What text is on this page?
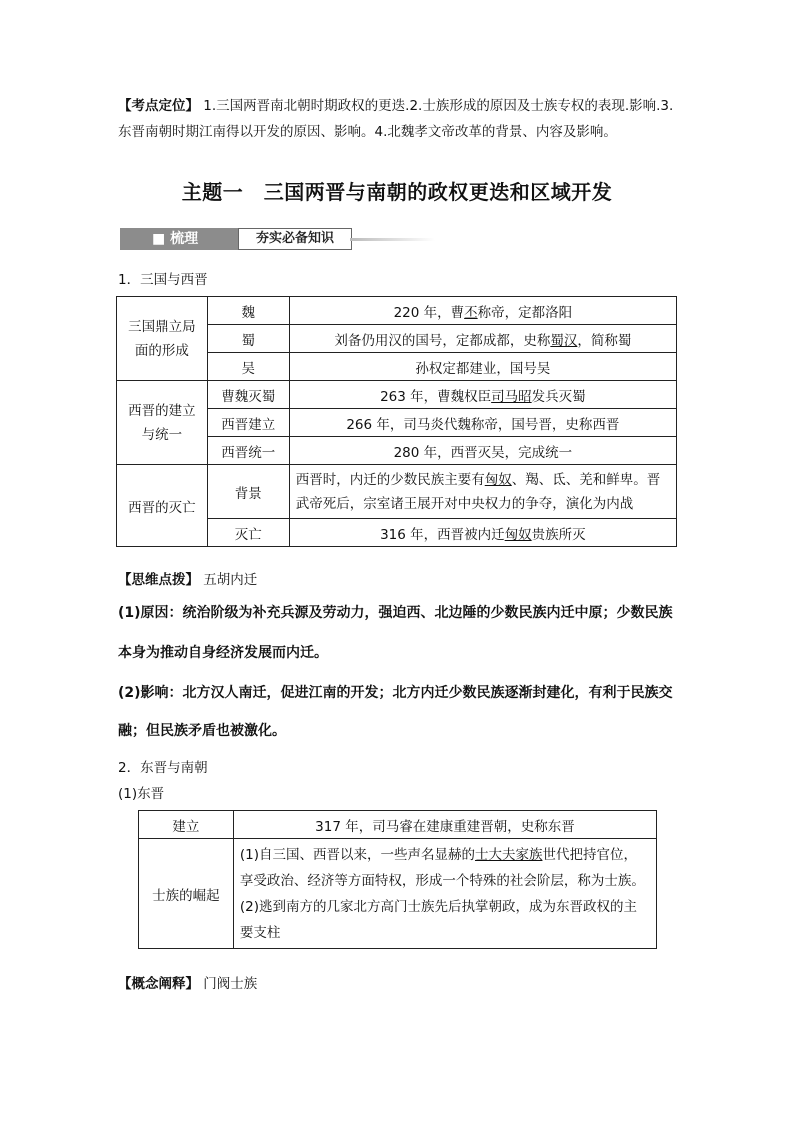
【考点定位】 1.三国两晋南北朝时期政权的更迭.2.士族形成的原因及士族专权的表现.影响.3.
东晋南朝时期江南得以开发的原因、影响。4.北魏孝文帝改革的背景、内容及影响。
主题一　三国两晋与南朝的政权更迭和区域开发
■ 梳理	夯实必备知识
1．三国与西晋
三国鼎立局
面的形成	魏	220 年，曹丕称帝，定都洛阳
	蜀	刘备仍用汉的国号，定都成都，史称蜀汉，简称蜀
	吴	孙权定都建业，国号吴
西晋的建立
与统一	曹魏灭蜀	263 年，曹魏权臣司马昭发兵灭蜀
	西晋建立	266 年，司马炎代魏称帝，国号晋，史称西晋
	西晋统一	280 年，西晋灭吴，完成统一
西晋的灭亡	背景	西晋时，内迁的少数民族主要有匈奴、羯、氐、羌和鲜卑。晋
武帝死后，宗室诸王展开对中央权力的争夺，演化为内战
	灭亡	316 年，西晋被内迁匈奴贵族所灭
【思维点拨】 五胡内迁
(1)原因：统治阶级为补充兵源及劳动力，强迫西、北边陲的少数民族内迁中原；少数民族
本身为推动自身经济发展而内迁。
(2)影响：北方汉人南迁，促进江南的开发；北方内迁少数民族逐渐封建化，有利于民族交
融；但民族矛盾也被激化。
2．东晋与南朝
(1)东晋
建立	317 年，司马睿在建康重建晋朝，史称东晋
士族的崛起	(1)自三国、西晋以来，一些声名显赫的士大夫家族世代把持官位，
享受政治、经济等方面特权，形成一个特殊的社会阶层，称为士族。
(2)逃到南方的几家北方高门士族先后执掌朝政，成为东晋政权的主
要支柱
【概念阐释】 门阀士族
